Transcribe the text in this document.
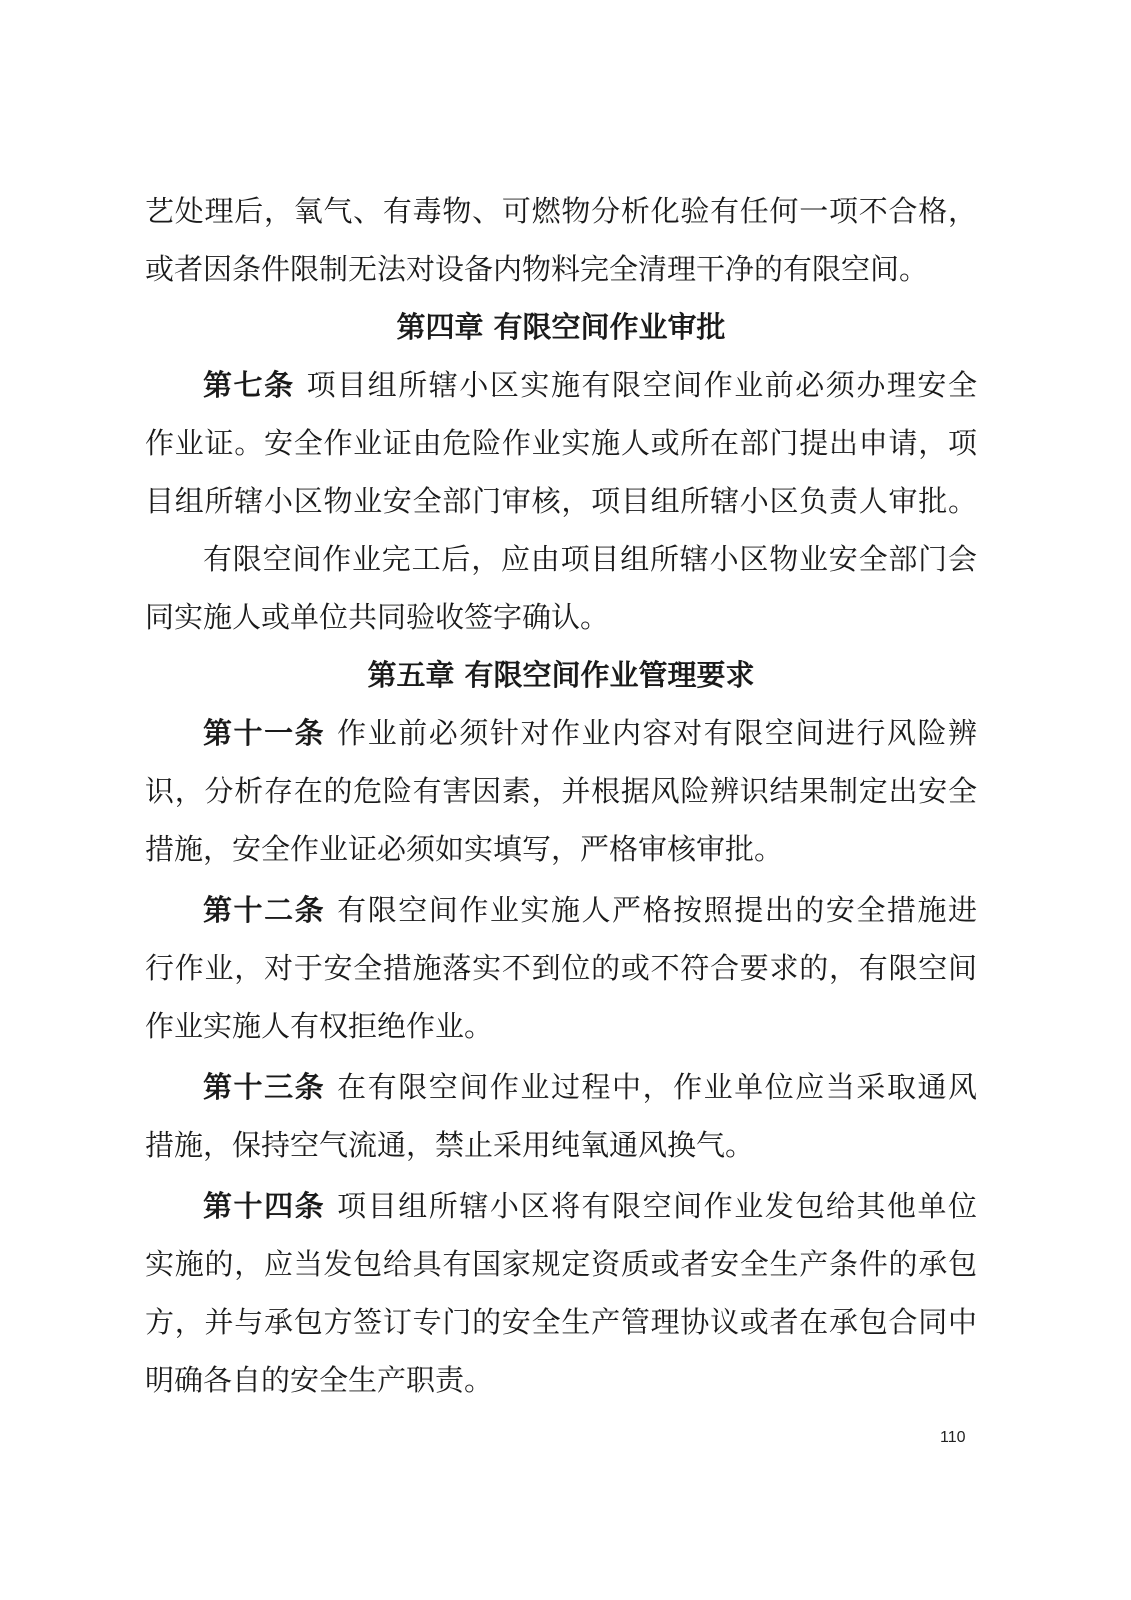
艺处理后，氧气、有毒物、可燃物分析化验有任何一项不合格，
或者因条件限制无法对设备内物料完全清理干净的有限空间。
第四章 有限空间作业审批
第七条 项目组所辖小区实施有限空间作业前必须办理安全
作业证。安全作业证由危险作业实施人或所在部门提出申请，项
目组所辖小区物业安全部门审核，项目组所辖小区负责人审批。
有限空间作业完工后，应由项目组所辖小区物业安全部门会
同实施人或单位共同验收签字确认。
第五章 有限空间作业管理要求
第十一条 作业前必须针对作业内容对有限空间进行风险辨
识，分析存在的危险有害因素，并根据风险辨识结果制定出安全
措施，安全作业证必须如实填写，严格审核审批。
第十二条 有限空间作业实施人严格按照提出的安全措施进
行作业，对于安全措施落实不到位的或不符合要求的，有限空间
作业实施人有权拒绝作业。
第十三条 在有限空间作业过程中，作业单位应当采取通风
措施，保持空气流通，禁止采用纯氧通风换气。
第十四条 项目组所辖小区将有限空间作业发包给其他单位
实施的，应当发包给具有国家规定资质或者安全生产条件的承包
方，并与承包方签订专门的安全生产管理协议或者在承包合同中
明确各自的安全生产职责。
110
